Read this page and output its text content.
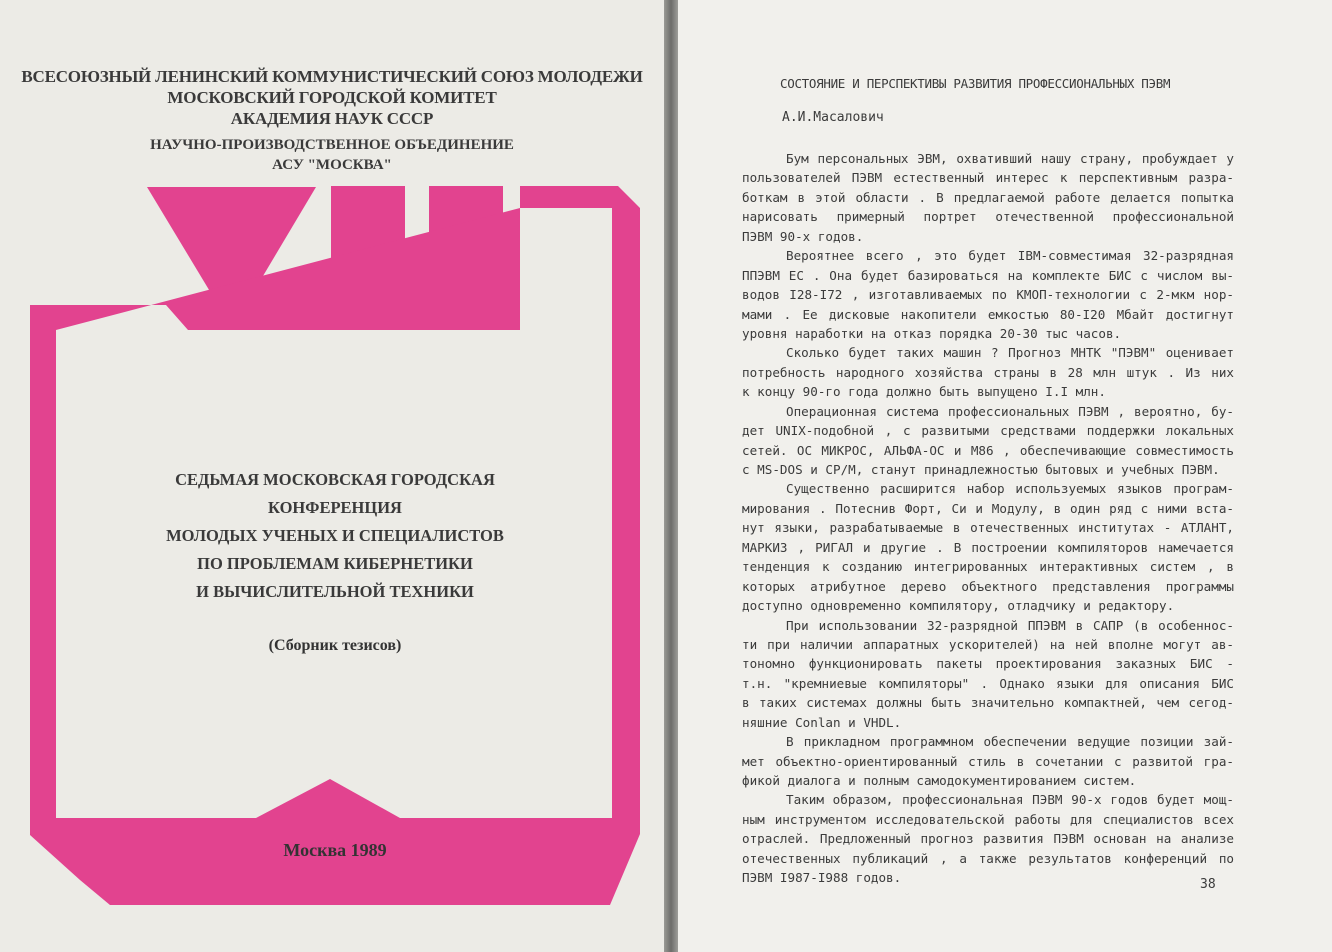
ВСЕСОЮЗНЫЙ ЛЕНИНСКИЙ КОММУНИСТИЧЕСКИЙ СОЮЗ МОЛОДЕЖИ
МОСКОВСКИЙ ГОРОДСКОЙ КОМИТЕТ
АКАДЕМИЯ НАУК СССР
НАУЧНО-ПРОИЗВОДСТВЕННОЕ ОБЪЕДИНЕНИЕ
АСУ "МОСКВА"
СЕДЬМАЯ МОСКОВСКАЯ ГОРОДСКАЯ КОНФЕРЕНЦИЯ
МОЛОДЫХ УЧЕНЫХ И СПЕЦИАЛИСТОВ
ПО ПРОБЛЕМАМ КИБЕРНЕТИКИ
И ВЫЧИСЛИТЕЛЬНОЙ ТЕХНИКИ
(Сборник тезисов)
Москва 1989
СОСТОЯНИЕ И ПЕРСПЕКТИВЫ РАЗВИТИЯ ПРОФЕССИОНАЛЬНЫХ ПЭВМ
А.И.Масалович
Бум персональных ЭВМ, охвативший нашу страну, пробуждает у
пользователей ПЭВМ естественный интерес к перспективным разра-
боткам в этой области . В предлагаемой работе делается попытка
нарисовать примерный портрет отечественной профессиональной
ПЭВМ 90-х годов.
Вероятнее всего , это будет IBM-совместимая 32-разрядная
ППЭВМ ЕС . Она будет базироваться на комплекте БИС с числом вы-
водов I28-I72 , изготавливаемых по КМОП-технологии с 2-мкм нор-
мами . Ее дисковые накопители емкостью 80-I20 Мбайт достигнут
уровня наработки на отказ порядка 20-30 тыс часов.
Сколько будет таких машин ? Прогноз МНТК "ПЭВМ" оценивает
потребность народного хозяйства страны в 28 млн штук . Из них
к концу 90-го года должно быть выпущено I.I млн.
Операционная система профессиональных ПЭВМ , вероятно, бу-
дет UNIX-подобной , с развитыми средствами поддержки локальных
сетей. ОС МИКРОС, АЛЬФА-ОС и M86 , обеспечивающие совместимость
с MS-DOS и CP/M, станут принадлежностью бытовых и учебных ПЭВМ.
Существенно расширится набор используемых языков програм-
мирования . Потеснив Форт, Си и Модулу, в один ряд с ними вста-
нут языки, разрабатываемые в отечественных институтах - АТЛАНТ,
МАРКИЗ , РИГАЛ и другие . В построении компиляторов намечается
тенденция к созданию интегрированных интерактивных систем , в
которых атрибутное дерево объектного представления программы
доступно одновременно компилятору, отладчику и редактору.
При использовании 32-разрядной ППЭВМ в САПР (в особеннос-
ти при наличии аппаратных ускорителей) на ней вполне могут ав-
тономно функционировать пакеты проектирования заказных БИС -
т.н. "кремниевые компиляторы" . Однако языки для описания БИС
в таких системах должны быть значительно компактней, чем сегод-
няшние Conlan и VHDL.
В прикладном программном обеспечении ведущие позиции зай-
мет объектно-ориентированный стиль в сочетании с развитой гра-
фикой диалога и полным самодокументированием систем.
Таким образом, профессиональная ПЭВМ 90-х годов будет мощ-
ным инструментом исследовательской работы для специалистов всех
отраслей. Предложенный прогноз развития ПЭВМ основан на анализе
отечественных публикаций , а также результатов конференций по
ПЭВМ I987-I988 годов.	38
